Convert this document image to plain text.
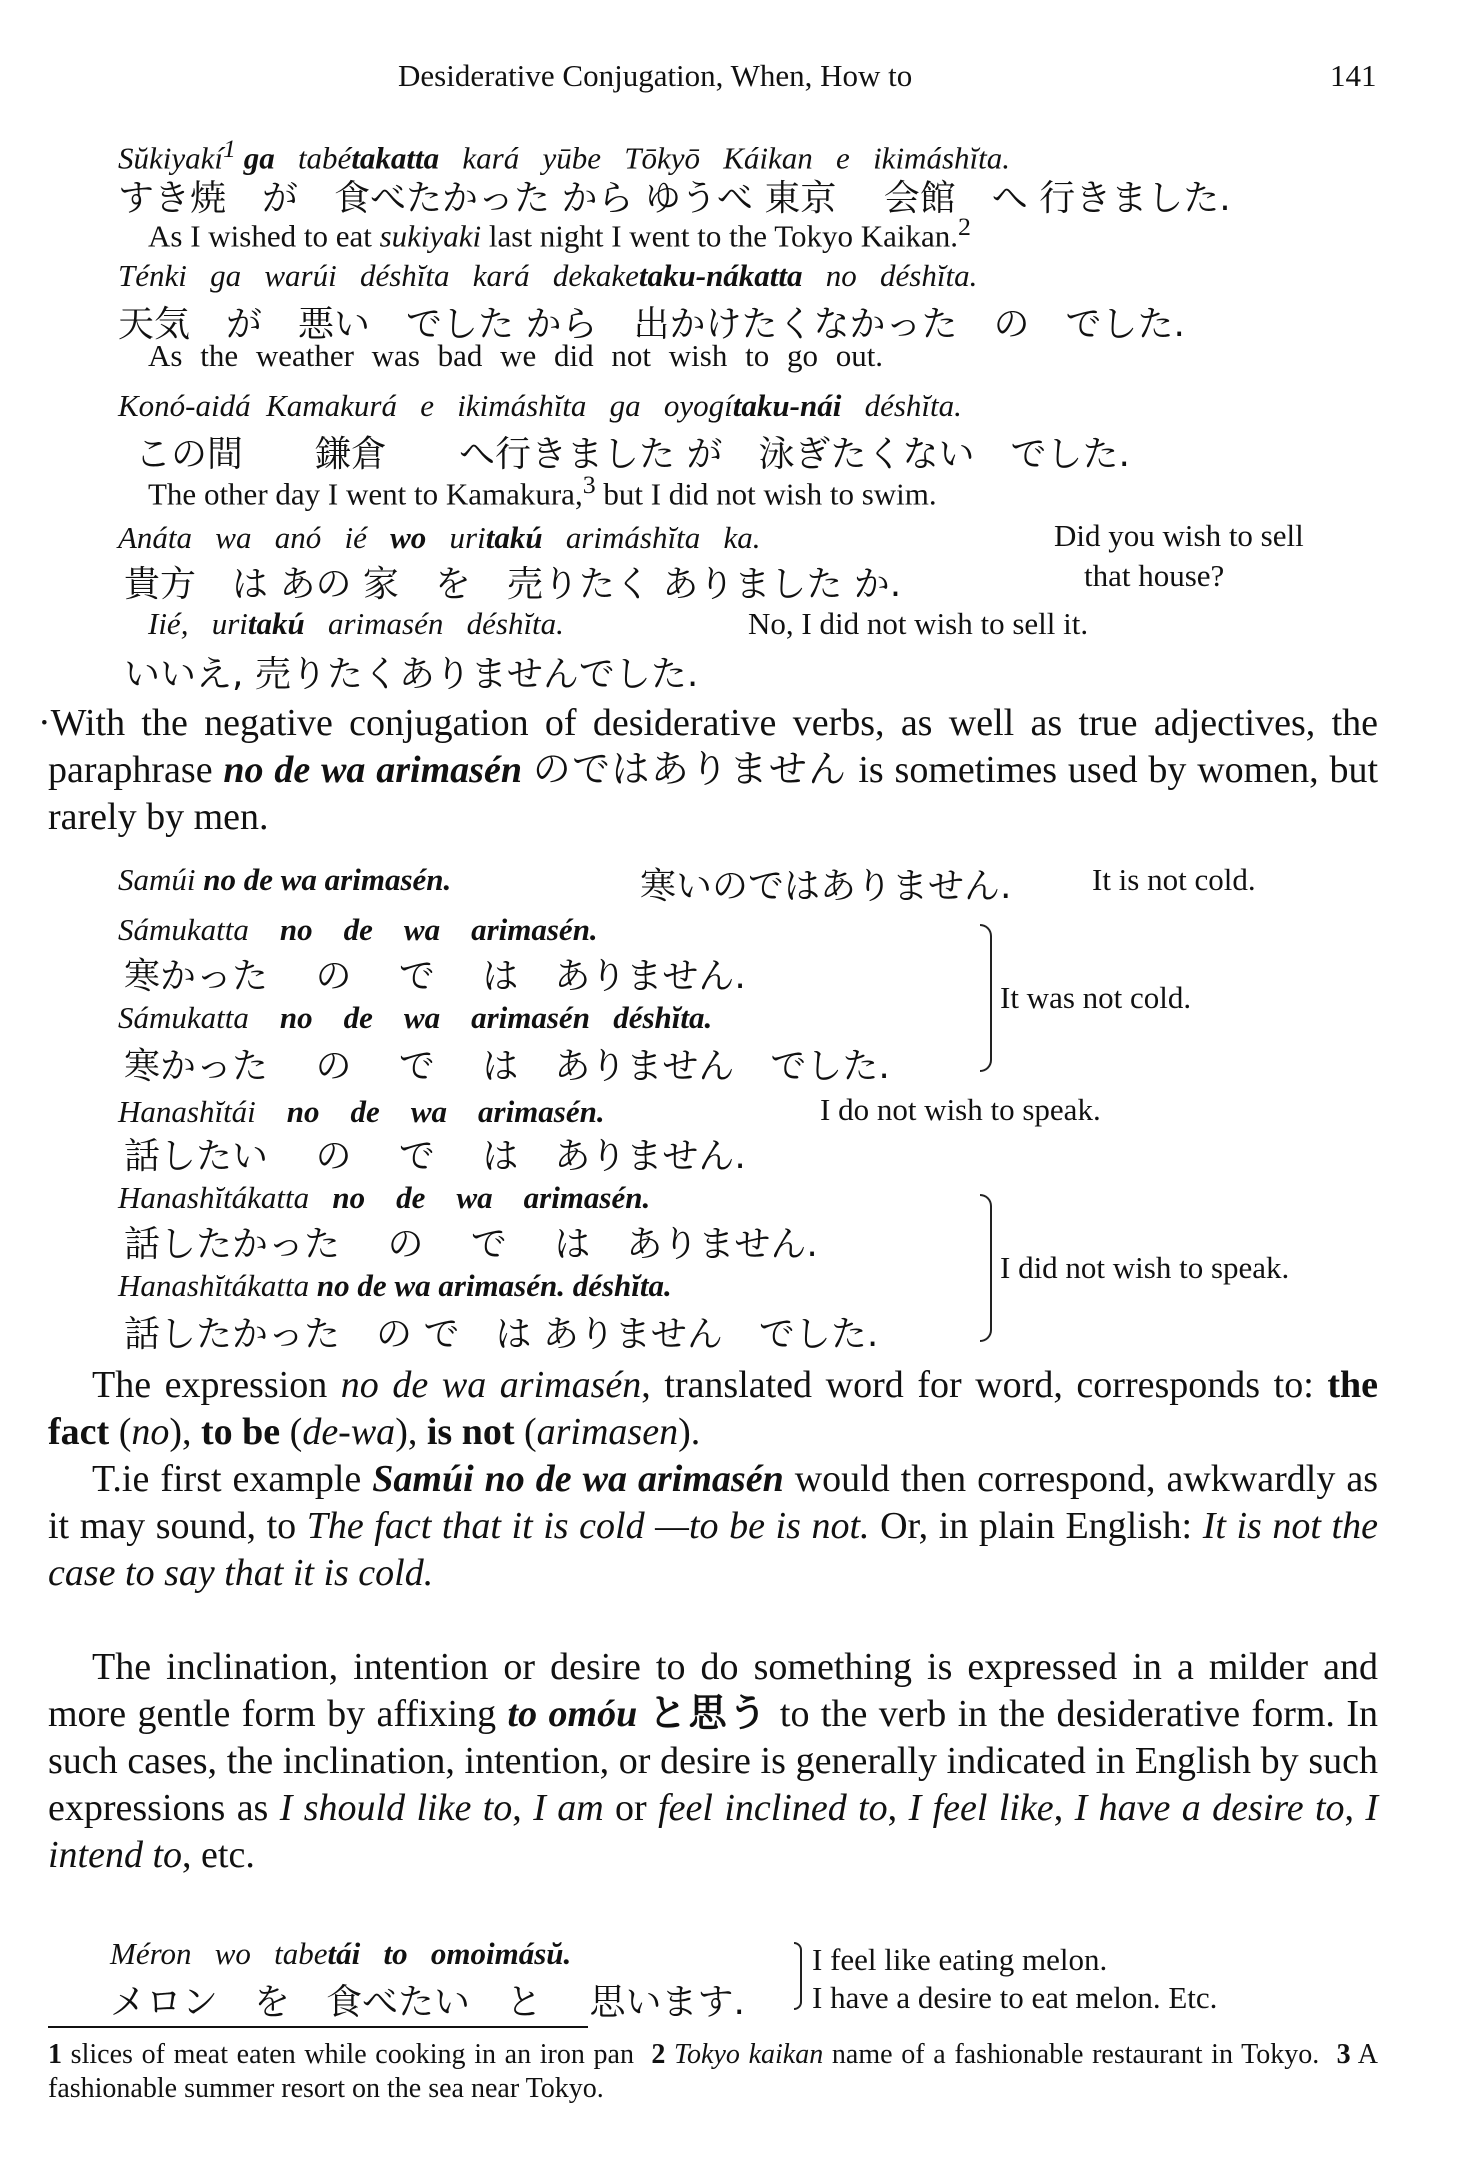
Desiderative Conjugation, When, How to	141
Sŭkiyakí$^1$ ga   tabétakatta   kará   yūbe   Tōkyō   Káikan   e   ikimáshĭta.
すき焼　が　食べたかった から ゆうべ 東京　 会館　へ 行きました.
As I wished to eat sukiyaki last night I went to the Tokyo Kaikan.$^2$
Ténki   ga   warúi   déshĭta   kará   dekaketaku-nákatta   no   déshĭta.
天気　が　悪い　でした から　出かけたくなかった　の　でした.
As the weather was bad we did not wish to go out.
Konó-aidá  Kamakurá   e   ikimáshĭta   ga   oyogítaku-nái   déshĭta.
この間　　鎌倉　　へ行きました が　泳ぎたくない　でした.
The other day I went to Kamakura,$^3$ but I did not wish to swim.
Anáta   wa   anó   ié   wo   uritakú   arimáshĭta   ka.	Did you wish to sell
貴方　は あの 家　を　売りたく ありました か.	that house?
Iié,   uritakú   arimasén   déshĭta.	No, I did not wish to sell it.
いいえ, 売りたくありませんでした.
·With the negative conjugation of desiderative verbs, as well as true adjectives, the paraphrase no de wa arimasén のではありません is sometimes used by women, but rarely by men.
Samúi no de wa arimasén.	寒いのではありません.	It is not cold.
Sámukatta    no de wa arimasén.
寒かった　 の　 で　 は　ありません.
Sámukatta    no de wa arimasén déshĭta.
寒かった　 の　 で　 は　ありません　でした.
It was not cold.
Hanashĭtái    no de wa arimasén.	I do not wish to speak.
話したい　 の　 で　 は　ありません.
Hanashĭtákatta   no de wa arimasén.
話したかった　 の　 で　 は　ありません.
Hanashĭtákatta no de wa arimasén. déshĭta.
話したかった　の で　は ありません　でした.
I did not wish to speak.
The expression no de wa arimasén, translated word for word, corresponds to: the fact (no), to be (de-wa), is not (arimasen).
T.ie first example Samúi no de wa arimasén would then correspond, awkwardly as it may sound, to The fact that it is cold —to be is not. Or, in plain English: It is not the case to say that it is cold.
The inclination, intention or desire to do something is expressed in a milder and more gentle form by affixing to omóu と思う to the verb in the desiderative form. In such cases, the inclination, intention, or desire is generally indicated in English by such expressions as I should like to, I am or feel inclined to, I feel like, I have a desire to, I intend to, etc.
Méron   wo   tabetái to omoimásŭ.
メロン　を　食べたい　と　 思います.
I feel like eating melon.
I have a desire to eat melon. Etc.
1 slices of meat eaten while cooking in an iron pan  2 Tokyo kaikan name of a fashionable restaurant in Tokyo.  3 A fashionable summer resort on the sea near Tokyo.
